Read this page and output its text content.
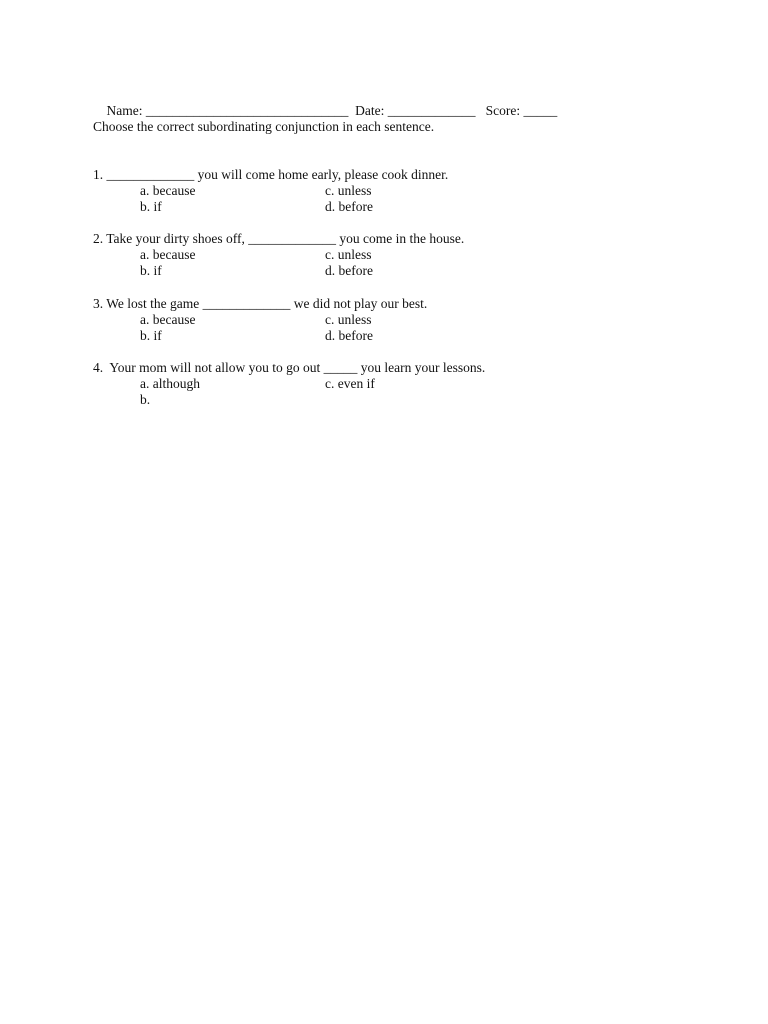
Name: ______________________________ Date: _____________ Score: _____

Choose the correct subordinating conjunction in each sentence.
1. _____________ you will come home early, please cook dinner.
a. because	c. unless
b. if	d. before
2. Take your dirty shoes off, _____________ you come in the house.
a. because	c. unless
b. if	d. before
3. We lost the game _____________ we did not play our best.
a. because	c. unless
b. if	d. before
4.  Your mom will not allow you to go out _____ you learn your lessons.
a. although	c. even if
b.
